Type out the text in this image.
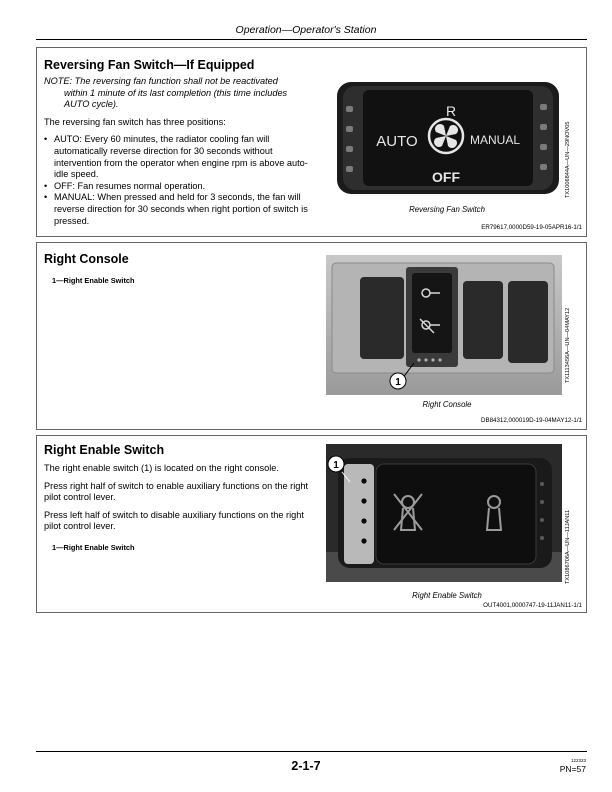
Operation—Operator's Station
Reversing Fan Switch—If Equipped

NOTE: The reversing fan function shall not be reactivated
within 1 minute of its last completion (this time includes AUTO cycle).

The reversing fan switch has three positions:

• AUTO: Every 60 minutes, the radiator cooling fan will automatically reverse direction for 30 seconds without intervention from the operator when engine rpm is above auto-idle speed.
• OFF: Fan resumes normal operation.
• MANUAL: When pressed and held for 3 seconds, the fan will reverse direction for 30 seconds when right portion of switch is pressed.
AUTO	MANUAL
OFF
R
TX1006844A—UN—29NOV05
Reversing Fan Switch
ER79617,0000D59-19-05APR16-1/1
Right Console
1—Right Enable Switch
1	TX1113456A—UN—04MAY12
Right Console
DB84312,000019D-19-04MAY12-1/1
Right Enable Switch

The right enable switch (1) is located on the right console.

Press right half of switch to enable auxiliary functions on the right pilot control lever.

Press left half of switch to disable auxiliary functions on the right pilot control lever.

1—Right Enable Switch
1
TX1086706A—UN—11JAN11
Right Enable Switch
OUT4001,0000747-19-11JAN11-1/1
2-1-7	122323
PN=57
